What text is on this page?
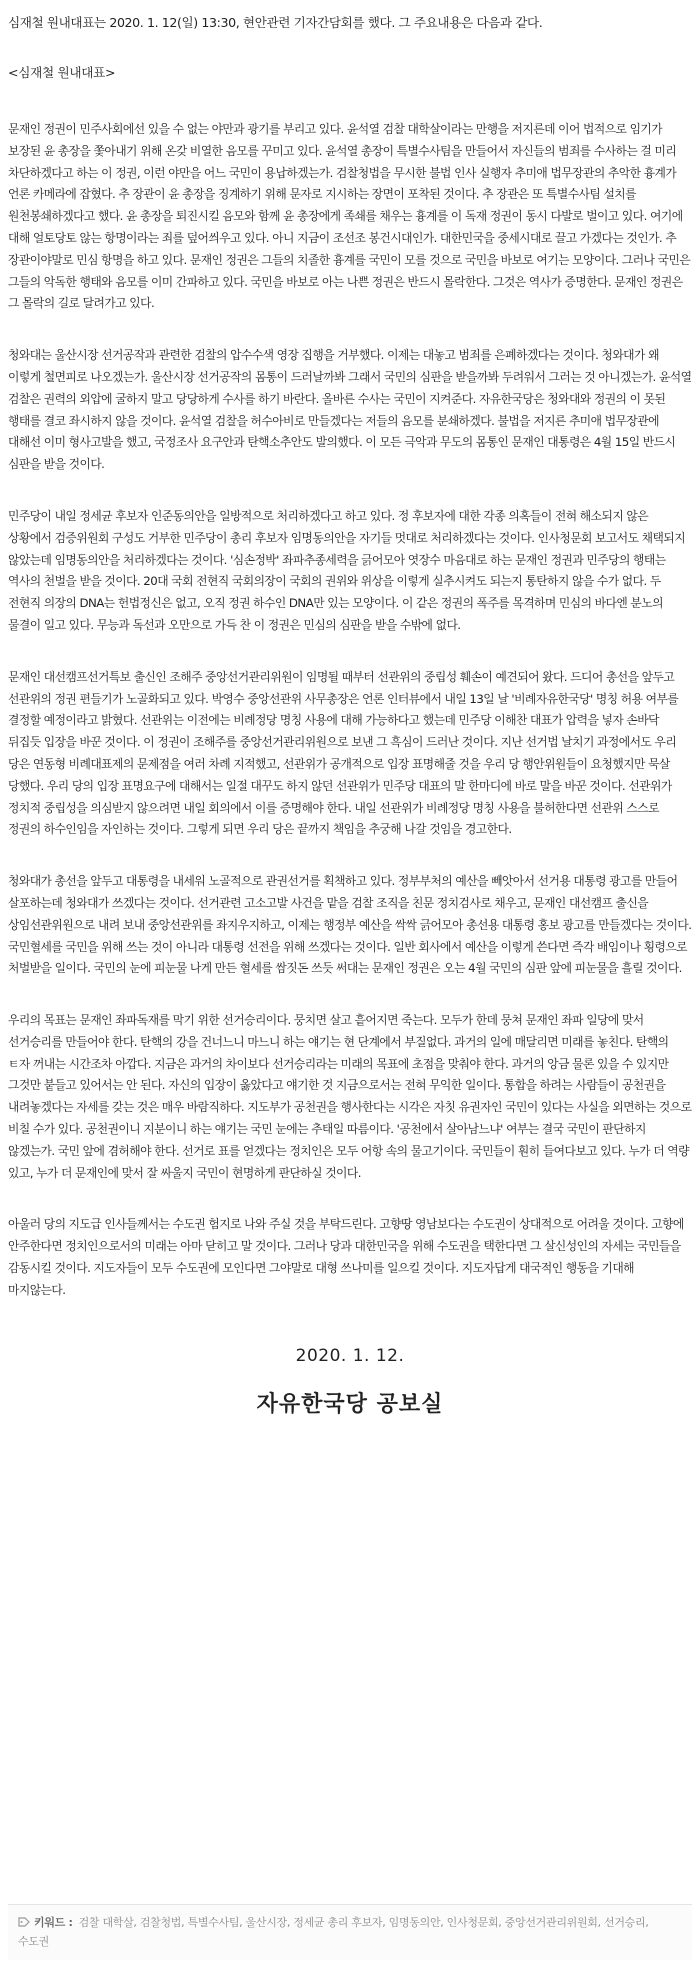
심재철 원내대표는 2020. 1. 12(일) 13:30, 현안관련 기자간담회를 했다. 그 주요내용은 다음과 같다.

<심재철 원내대표>

문재인 정권이 민주사회에선 있을 수 없는 야만과 광기를 부리고 있다. 윤석열 검찰 대학살이라는 만행을 저지른데 이어 법적으로 임기가 보장된 윤 총장을 쫓아내기 위해 온갖 비열한 음모를 꾸미고 있다. 윤석열 총장이 특별수사팀을 만들어서 자신들의 범죄를 수사하는 걸 미리 차단하겠다고 하는 이 정권, 이런 야만을 어느 국민이 용납하겠는가. 검찰청법을 무시한 불법 인사 실행자 추미애 법무장관의 추악한 흉계가 언론 카메라에 잡혔다. 추 장관이 윤 총장을 징계하기 위해 문자로 지시하는 장면이 포착된 것이다. 추 장관은 또 특별수사팀 설치를 원천봉쇄하겠다고 했다. 윤 총장을 퇴진시킬 음모와 함께 윤 총장에게 족쇄를 채우는 흉계를 이 독재 정권이 동시 다발로 벌이고 있다. 여기에 대해 얼토당토 않는 항명이라는 죄를 덮어씌우고 있다. 아니 지금이 조선조 봉건시대인가. 대한민국을 중세시대로 끌고 가겠다는 것인가. 추 장관이야말로 민심 항명을 하고 있다. 문재인 정권은 그들의 치졸한 흉계를 국민이 모를 것으로 국민을 바보로 여기는 모양이다. 그러나 국민은 그들의 악독한 행태와 음모를 이미 간파하고 있다. 국민을 바보로 아는 나쁜 정권은 반드시 몰락한다. 그것은 역사가 증명한다. 문재인 정권은 그 몰락의 길로 달려가고 있다.

청와대는 울산시장 선거공작과 관련한 검찰의 압수수색 영장 집행을 거부했다. 이제는 대놓고 범죄를 은폐하겠다는 것이다. 청와대가 왜 이렇게 철면피로 나오겠는가. 울산시장 선거공작의 몸통이 드러날까봐 그래서 국민의 심판을 받을까봐 두려워서 그러는 것 아니겠는가. 윤석열 검찰은 권력의 외압에 굴하지 말고 당당하게 수사를 하기 바란다. 올바른 수사는 국민이 지켜준다. 자유한국당은 청와대와 정권의 이 못된 행태를 결코 좌시하지 않을 것이다. 윤석열 검찰을 허수아비로 만들겠다는 저들의 음모를 분쇄하겠다. 불법을 저지른 추미애 법무장관에 대해선 이미 형사고발을 했고, 국정조사 요구안과 탄핵소추안도 발의했다. 이 모든 극악과 무도의 몸통인 문재인 대통령은 4월 15일 반드시 심판을 받을 것이다.

민주당이 내일 정세균 후보자 인준동의안을 일방적으로 처리하겠다고 하고 있다. 정 후보자에 대한 각종 의혹들이 전혀 해소되지 않은 상황에서 검증위원회 구성도 거부한 민주당이 총리 후보자 임명동의안을 자기들 멋대로 처리하겠다는 것이다. 인사청문회 보고서도 채택되지 않았는데 임명동의안을 처리하겠다는 것이다. '심손정박' 좌파추종세력을 긁어모아 엿장수 마음대로 하는 문재인 정권과 민주당의 행태는 역사의 천벌을 받을 것이다. 20대 국회 전현직 국회의장이 국회의 권위와 위상을 이렇게 실추시켜도 되는지 통탄하지 않을 수가 없다. 두 전현직 의장의 DNA는 헌법정신은 없고, 오직 정권 하수인 DNA만 있는 모양이다. 이 같은 정권의 폭주를 목격하며 민심의 바다엔 분노의 물결이 일고 있다. 무능과 독선과 오만으로 가득 찬 이 정권은 민심의 심판을 받을 수밖에 없다.

문재인 대선캠프선거특보 출신인 조해주 중앙선거관리위원이 임명될 때부터 선관위의 중립성 훼손이 예견되어 왔다. 드디어 총선을 앞두고 선관위의 정권 편들기가 노골화되고 있다. 박영수 중앙선관위 사무총장은 언론 인터뷰에서 내일 13일 날 '비례자유한국당' 명칭 허용 여부를 결정할 예정이라고 밝혔다. 선관위는 이전에는 비례정당 명칭 사용에 대해 가능하다고 했는데 민주당 이해찬 대표가 압력을 넣자 손바닥 뒤집듯 입장을 바꾼 것이다. 이 정권이 조해주를 중앙선거관리위원으로 보낸 그 흑심이 드러난 것이다. 지난 선거법 날치기 과정에서도 우리 당은 연동형 비례대표제의 문제점을 여러 차례 지적했고, 선관위가 공개적으로 입장 표명해줄 것을 우리 당 행안위원들이 요청했지만 묵살 당했다. 우리 당의 입장 표명요구에 대해서는 일절 대꾸도 하지 않던 선관위가 민주당 대표의 말 한마디에 바로 말을 바꾼 것이다. 선관위가 정치적 중립성을 의심받지 않으려면 내일 회의에서 이를 증명해야 한다. 내일 선관위가 비례정당 명칭 사용을 불허한다면 선관위 스스로 정권의 하수인임을 자인하는 것이다. 그렇게 되면 우리 당은 끝까지 책임을 추궁해 나갈 것임을 경고한다.

청와대가 총선을 앞두고 대통령을 내세워 노골적으로 관권선거를 획책하고 있다. 정부부처의 예산을 빼앗아서 선거용 대통령 광고를 만들어 살포하는데 청와대가 쓰겠다는 것이다. 선거관련 고소고발 사건을 맡을 검찰 조직을 친문 정치검사로 채우고, 문재인 대선캠프 출신을 상임선관위원으로 내려 보내 중앙선관위를 좌지우지하고, 이제는 행정부 예산을 싹싹 긁어모아 총선용 대통령 홍보 광고를 만들겠다는 것이다. 국민혈세를 국민을 위해 쓰는 것이 아니라 대통령 선전을 위해 쓰겠다는 것이다. 일반 회사에서 예산을 이렇게 쓴다면 즉각 배임이나 횡령으로 처벌받을 일이다. 국민의 눈에 피눈물 나게 만든 혈세를 쌈짓돈 쓰듯 써대는 문재인 정권은 오는 4월 국민의 심판 앞에 피눈물을 흘릴 것이다.

우리의 목표는 문재인 좌파독재를 막기 위한 선거승리이다. 뭉치면 살고 흩어지면 죽는다. 모두가 한데 뭉쳐 문재인 좌파 일당에 맞서 선거승리를 만들어야 한다. 탄핵의 강을 건너느니 마느니 하는 얘기는 현 단계에서 부질없다. 과거의 일에 매달리면 미래를 놓친다. 탄핵의 ㅌ자 꺼내는 시간조차 아깝다. 지금은 과거의 차이보다 선거승리라는 미래의 목표에 초점을 맞춰야 한다. 과거의 앙금 물론 있을 수 있지만 그것만 붙들고 있어서는 안 된다. 자신의 입장이 옳았다고 얘기한 것 지금으로서는 전혀 무익한 일이다. 통합을 하려는 사람들이 공천권을 내려놓겠다는 자세를 갖는 것은 매우 바람직하다. 지도부가 공천권을 행사한다는 시각은 자칫 유권자인 국민이 있다는 사실을 외면하는 것으로 비칠 수가 있다. 공천권이니 지분이니 하는 얘기는 국민 눈에는 추태일 따름이다. '공천에서 살아남느냐' 여부는 결국 국민이 판단하지 않겠는가. 국민 앞에 겸허해야 한다. 선거로 표를 얻겠다는 정치인은 모두 어항 속의 물고기이다. 국민들이 훤히 들여다보고 있다. 누가 더 역량 있고, 누가 더 문재인에 맞서 잘 싸울지 국민이 현명하게 판단하실 것이다.

아울러 당의 지도급 인사들께서는 수도권 험지로 나와 주실 것을 부탁드린다. 고향땅 영남보다는 수도권이 상대적으로 어려울 것이다. 고향에 안주한다면 정치인으로서의 미래는 아마 닫히고 말 것이다. 그러나 당과 대한민국을 위해 수도권을 택한다면 그 살신성인의 자세는 국민들을 감동시킬 것이다. 지도자들이 모두 수도권에 모인다면 그야말로 대형 쓰나미를 일으킬 것이다. 지도자답게 대국적인 행동을 기대해 마지않는다.

2020. 1. 12.

자유한국당 공보실

키워드 : 검찰 대학살, 검찰청법, 특별수사팀, 울산시장, 정세균 총리 후보자, 임명동의안, 인사청문회, 중앙선거관리위원회, 선거승리, 수도권
